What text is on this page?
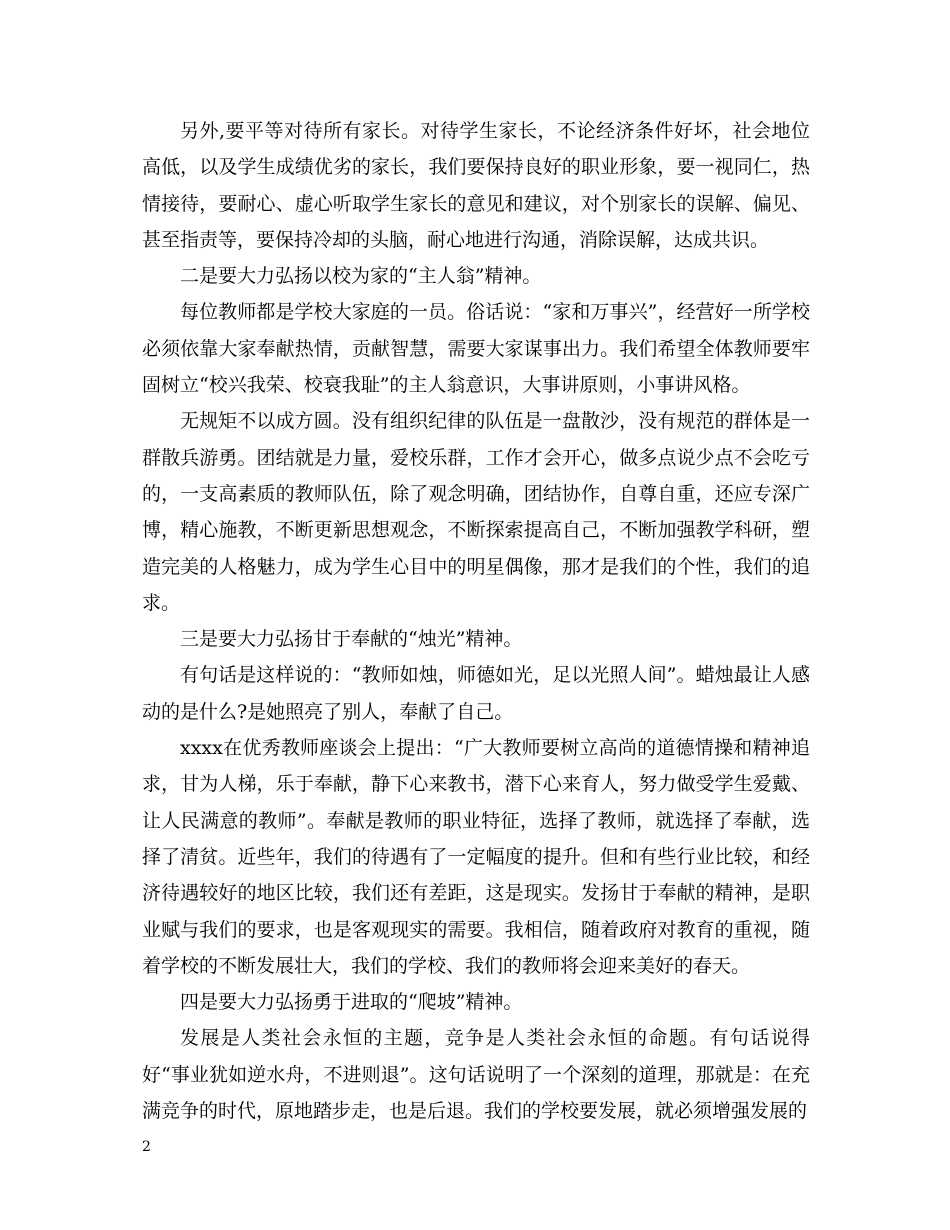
另外,要平等对待所有家长。对待学生家长，不论经济条件好坏，社会地位高低，以及学生成绩优劣的家长，我们要保持良好的职业形象，要一视同仁，热情接待，要耐心、虚心听取学生家长的意见和建议，对个别家长的误解、偏见、甚至指责等，要保持冷却的头脑，耐心地进行沟通，消除误解，达成共识。

二是要大力弘扬以校为家的“主人翁”精神。

每位教师都是学校大家庭的一员。俗话说：“家和万事兴”，经营好一所学校必须依靠大家奉献热情，贡献智慧，需要大家谋事出力。我们希望全体教师要牢固树立“校兴我荣、校衰我耻”的主人翁意识，大事讲原则，小事讲风格。

无规矩不以成方圆。没有组织纪律的队伍是一盘散沙，没有规范的群体是一群散兵游勇。团结就是力量，爱校乐群，工作才会开心，做多点说少点不会吃亏的，一支高素质的教师队伍，除了观念明确，团结协作，自尊自重，还应专深广博，精心施教，不断更新思想观念，不断探索提高自己，不断加强教学科研，塑造完美的人格魅力，成为学生心目中的明星偶像，那才是我们的个性，我们的追求。

三是要大力弘扬甘于奉献的“烛光”精神。

有句话是这样说的：“教师如烛，师德如光，足以光照人间”。蜡烛最让人感动的是什么?是她照亮了别人，奉献了自己。

xxxx在优秀教师座谈会上提出：“广大教师要树立高尚的道德情操和精神追求，甘为人梯，乐于奉献，静下心来教书，潜下心来育人，努力做受学生爱戴、让人民满意的教师”。奉献是教师的职业特征，选择了教师，就选择了奉献，选择了清贫。近些年，我们的待遇有了一定幅度的提升。但和有些行业比较，和经济待遇较好的地区比较，我们还有差距，这是现实。发扬甘于奉献的精神，是职业赋与我们的要求，也是客观现实的需要。我相信，随着政府对教育的重视，随着学校的不断发展壮大，我们的学校、我们的教师将会迎来美好的春天。

四是要大力弘扬勇于进取的“爬坡”精神。

发展是人类社会永恒的主题，竞争是人类社会永恒的命题。有句话说得好“事业犹如逆水舟，不进则退”。这句话说明了一个深刻的道理，那就是：在充满竞争的时代，原地踏步走，也是后退。我们的学校要发展，就必须增强发展的

2
